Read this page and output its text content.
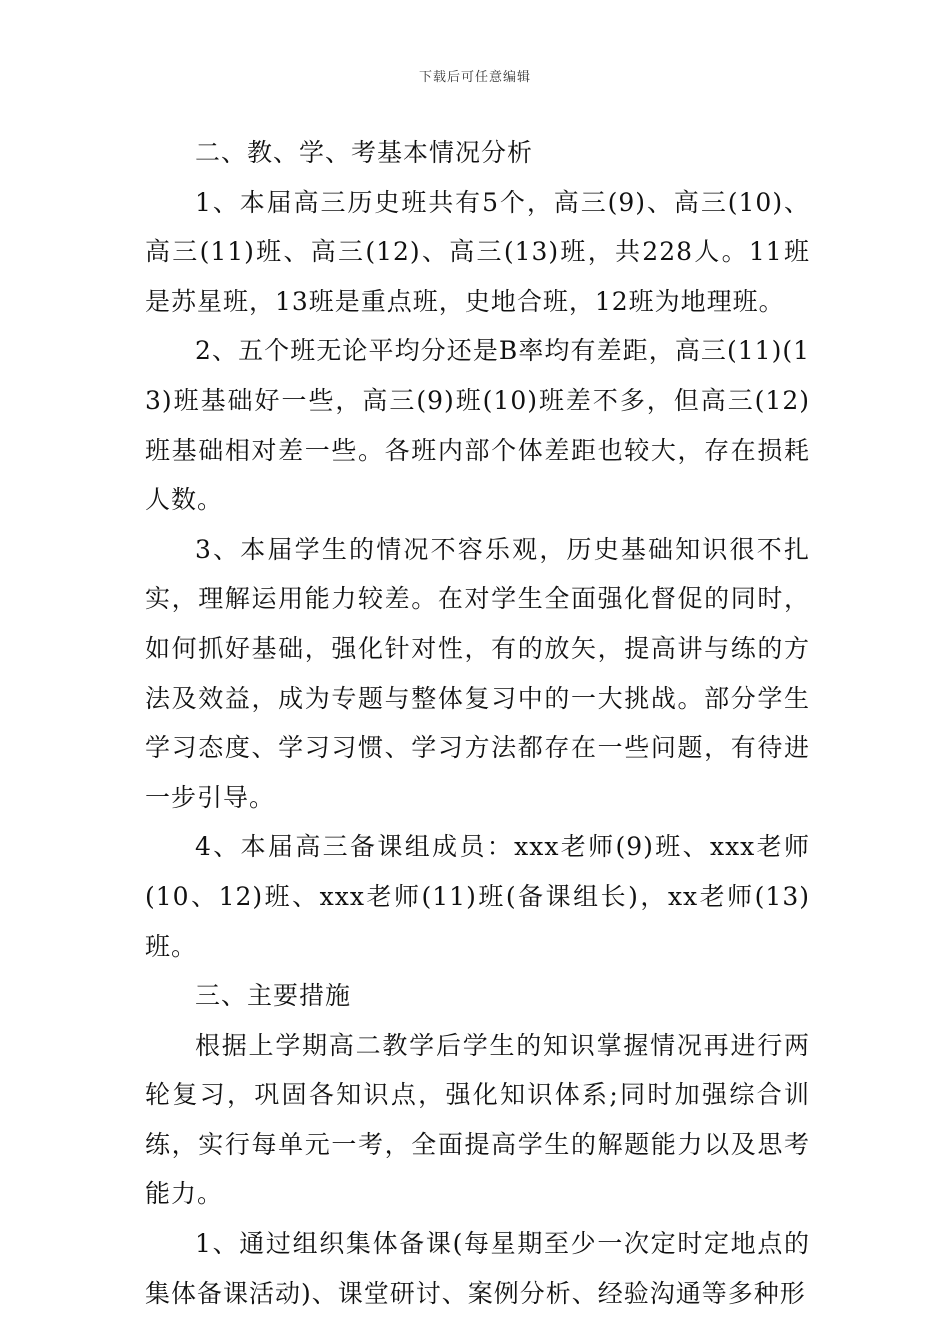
下载后可任意编辑

二、教、学、考基本情况分析

1、本届高三历史班共有5个，高三(9)、高三(10)、高三(11)班、高三(12)、高三(13)班，共228人。11班是苏星班，13班是重点班，史地合班，12班为地理班。

2、五个班无论平均分还是B率均有差距，高三(11)(13)班基础好一些，高三(9)班(10)班差不多，但高三(12)班基础相对差一些。各班内部个体差距也较大，存在损耗人数。

3、本届学生的情况不容乐观，历史基础知识很不扎实，理解运用能力较差。在对学生全面强化督促的同时，如何抓好基础，强化针对性，有的放矢，提高讲与练的方法及效益，成为专题与整体复习中的一大挑战。部分学生学习态度、学习习惯、学习方法都存在一些问题，有待进一步引导。

4、本届高三备课组成员：xxx老师(9)班、xxx老师(10、12)班、xxx老师(11)班(备课组长)，xx老师(13)班。

三、主要措施

根据上学期高二教学后学生的知识掌握情况再进行两轮复习，巩固各知识点，强化知识体系;同时加强综合训练，实行每单元一考，全面提高学生的解题能力以及思考能力。

1、通过组织集体备课(每星期至少一次定时定地点的集体备课活动)、课堂研讨、案例分析、经验沟通等多种形
